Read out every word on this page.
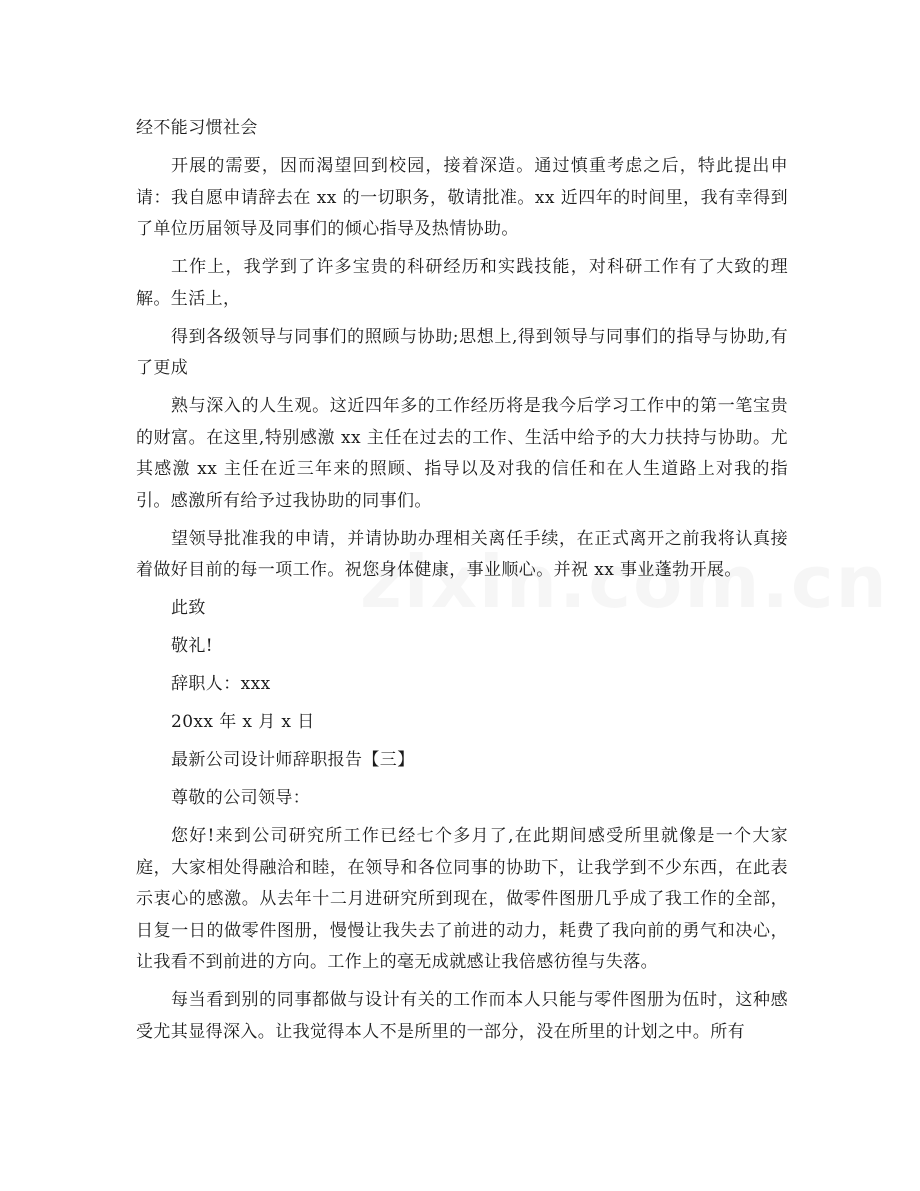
经不能习惯社会

开展的需要，因而渴望回到校园，接着深造。通过慎重考虑之后，特此提出申请：我自愿申请辞去在 xx 的一切职务，敬请批准。xx 近四年的时间里，我有幸得到了单位历届领导及同事们的倾心指导及热情协助。

工作上，我学到了许多宝贵的科研经历和实践技能，对科研工作有了大致的理解。生活上，

得到各级领导与同事们的照顾与协助;思想上,得到领导与同事们的指导与协助,有了更成

熟与深入的人生观。这近四年多的工作经历将是我今后学习工作中的第一笔宝贵的财富。在这里,特别感激 xx 主任在过去的工作、生活中给予的大力扶持与协助。尤其感激 xx 主任在近三年来的照顾、指导以及对我的信任和在人生道路上对我的指引。感激所有给予过我协助的同事们。

望领导批准我的申请，并请协助办理相关离任手续，在正式离开之前我将认真接着做好目前的每一项工作。祝您身体健康，事业顺心。并祝 xx 事业蓬勃开展。

此致

敬礼!

辞职人：xxx

20xx 年 x 月 x 日

最新公司设计师辞职报告【三】

尊敬的公司领导：

您好!来到公司研究所工作已经七个多月了,在此期间感受所里就像是一个大家庭，大家相处得融洽和睦，在领导和各位同事的协助下，让我学到不少东西，在此表示衷心的感激。从去年十二月进研究所到现在，做零件图册几乎成了我工作的全部，日复一日的做零件图册，慢慢让我失去了前进的动力，耗费了我向前的勇气和决心，让我看不到前进的方向。工作上的毫无成就感让我倍感彷徨与失落。

每当看到别的同事都做与设计有关的工作而本人只能与零件图册为伍时，这种感受尤其显得深入。让我觉得本人不是所里的一部分，没在所里的计划之中。所有
